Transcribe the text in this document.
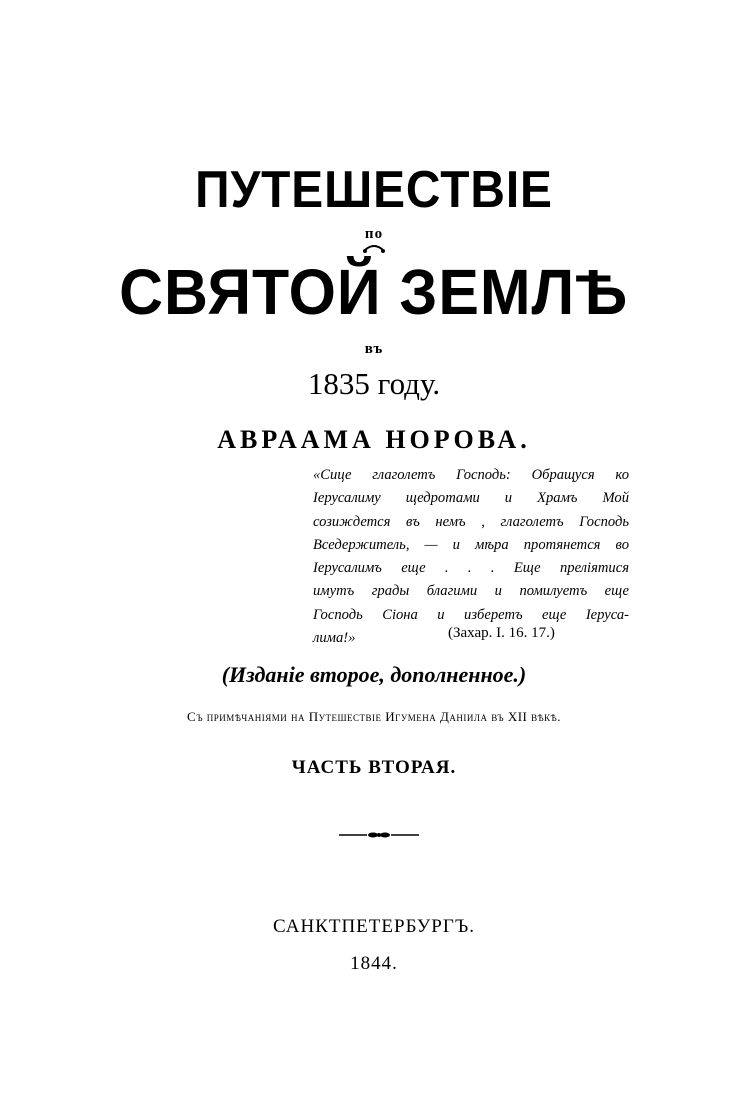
ПУТЕШЕСТВІЕ
по
СВЯТОЙ ЗЕМЛѢ
въ
1835 году.
АВРААМА НОРОВА.
«Сице глаголетъ Господь: Обращуся ко
Іерусалиму щедротами и Храмъ Мой
созиждется въ немъ , глаголетъ Господь
Вседержитель, — и мѣра протянется во
Іерусалимъ еще . . . Еще преліятися
имутъ грады благими и помилуетъ еще
Господь Сіона и изберетъ еще Іеруса-
лима!»	(Захар. I. 16. 17.)
(Изданіе второе, дополненное.)
Съ примѣчаніями на Путешествіе Игумена Даніила въ XII вѣкѣ.
ЧАСТЬ ВТОРАЯ.
САНКТПЕТЕРБУРГЪ.
1844.
